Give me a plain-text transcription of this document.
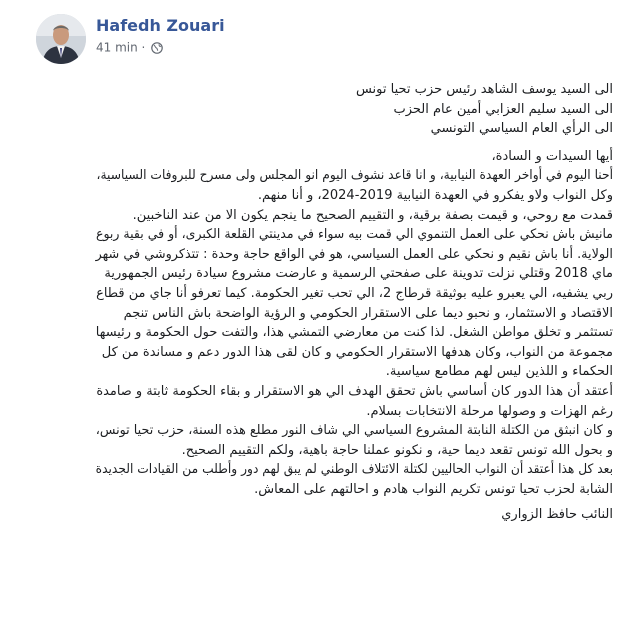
Hafedh Zouari
41 min ·
الى السيد يوسف الشاهد رئيس حزب تحيا تونس
الى السيد سليم العزابي أمين عام الحزب
الى الرأي العام السياسي التونسي
أيها السيدات و السادة،
أحنا اليوم في أواخر العهدة النيابية، و انا قاعد نشوف اليوم انو المجلس ولى مسرح للبروفات السياسية،
وكل النواب ولاو يفكرو في العهدة النيابية 2019-2024، و أنا منهم.
قمدت مع روحي، و قيمت بصفة برقية، و التقييم الصحيح ما ينجم يكون الا من عند الناخبين.
مانيش باش نحكي على العمل التنموي الي قمت بيه سواء في مدينتي القلعة الكبرى، أو في بقية ربوع
الولاية. أنا باش نقيم و نحكي على العمل السياسي، هو في الواقع حاجة وحدة : تتذكروشي في شهر
ماي 2018 وقتلي نزلت تدوينة على صفحتي الرسمية و عارضت مشروع سيادة رئيس الجمهورية
ربي يشفيه، الي يعبرو عليه بوثيقة قرطاج 2، الي تحب تغير الحكومة. كيما تعرفو أنا جاي من قطاع
الاقتصاد و الاستثمار، و نحبو ديما على الاستقرار الحكومي و الرؤية الواضحة باش الناس تنجم
تستثمر و تخلق مواطن الشغل. لذا كنت من معارضي التمشي هذا، والتفت حول الحكومة و رئيسها
مجموعة من النواب، وكان هدفها الاستقرار الحكومي و كان لقى هذا الدور دعم و مساندة من كل
الحكماء و اللذين ليس لهم مطامع سياسية.
أعتقد أن هذا الدور كان أساسي باش تحقق الهدف الي هو الاستقرار و بقاء الحكومة ثابتة و صامدة
رغم الهزات و وصولها مرحلة الانتخابات بسلام.
و كان انبثق من الكتلة النابتة المشروع السياسي الي شاف النور مطلع هذه السنة، حزب تحيا تونس،
و بحول الله تونس تقعد ديما حية، و نكونو عملنا حاجة باهية، ولكم التقييم الصحيح.
بعد كل هذا أعتقد أن النواب الحاليين لكتلة الائتلاف الوطني لم يبق لهم دور وأطلب من القيادات الجديدة
الشابة لحزب تحيا تونس تكريم النواب هادم و احالتهم على المعاش.
النائب حافظ الزواري
